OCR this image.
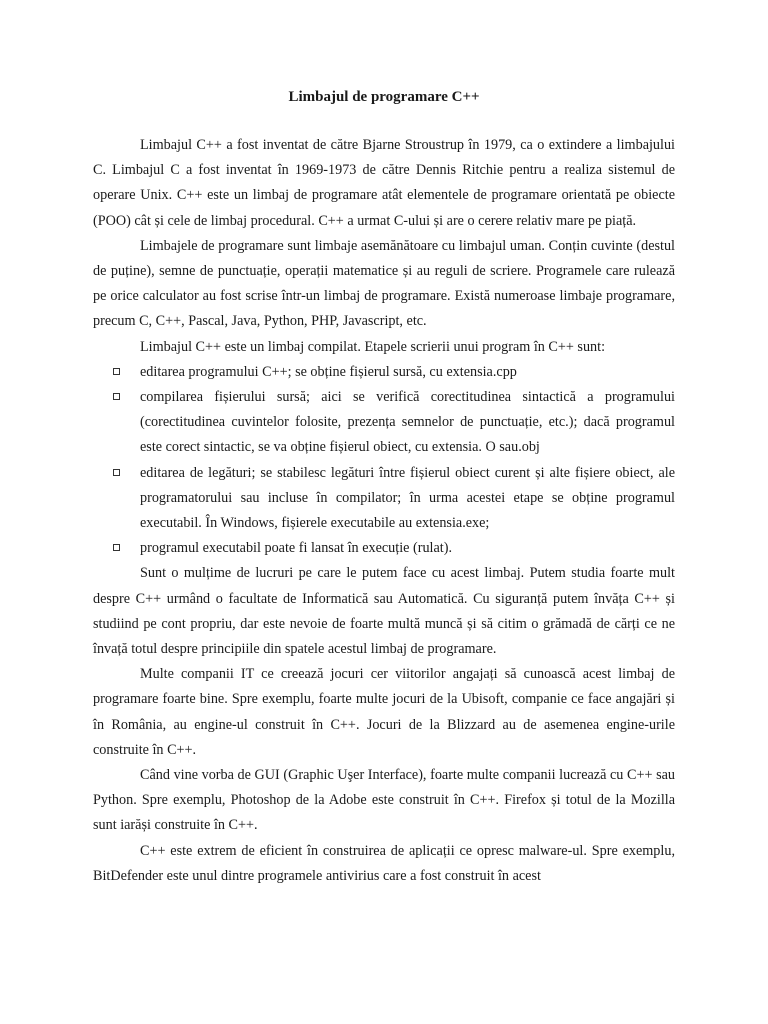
Limbajul de programare C++

Limbajul C++ a fost inventat de către Bjarne Stroustrup în 1979, ca o extindere a limbajului C. Limbajul C a fost inventat în 1969-1973 de către Dennis Ritchie pentru a realiza sistemul de operare Unix. C++ este un limbaj de programare atât elementele de programare orientată pe obiecte (POO) cât și cele de limbaj procedural. C++ a urmat C-ului și are o cerere relativ mare pe piață.

Limbajele de programare sunt limbaje asemănătoare cu limbajul uman. Conțin cuvinte (destul de puține), semne de punctuație, operații matematice și au reguli de scriere. Programele care rulează pe orice calculator au fost scrise într-un limbaj de programare. Există numeroase limbaje programare, precum C, C++, Pascal, Java, Python, PHP, Javascript, etc.

Limbajul C++ este un limbaj compilat. Etapele scrierii unui program în C++ sunt:

editarea programului C++; se obține fișierul sursă, cu extensia.cpp
compilarea fișierului sursă; aici se verifică corectitudinea sintactică a programului (corectitudinea cuvintelor folosite, prezența semnelor de punctuație, etc.); dacă programul este corect sintactic, se va obține fișierul obiect, cu extensia. O sau.obj
editarea de legături; se stabilesc legături între fișierul obiect curent și alte fișiere obiect, ale programatorului sau incluse în compilator; în urma acestei etape se obține programul executabil. În Windows, fișierele executabile au extensia.exe;
programul executabil poate fi lansat în execuție (rulat).

Sunt o mulțime de lucruri pe care le putem face cu acest limbaj. Putem studia foarte mult despre C++ urmând o facultate de Informatică sau Automatică. Cu siguranță putem învăța C++ și studiind pe cont propriu, dar este nevoie de foarte multă muncă și să citim o grămadă de cărți ce ne învață totul despre principiile din spatele acestul limbaj de programare.

Multe companii IT ce creează jocuri cer viitorilor angajați să cunoască acest limbaj de programare foarte bine. Spre exemplu, foarte multe jocuri de la Ubisoft, companie ce face angajări și în România, au engine-ul construit în C++. Jocuri de la Blizzard au de asemenea engine-urile construite în C++.

Când vine vorba de GUI (Graphic Uşer Interface), foarte multe companii lucrează cu C++ sau Python. Spre exemplu, Photoshop de la Adobe este construit în C++. Firefox și totul de la Mozilla sunt iarăși construite în C++.

C++ este extrem de eficient în construirea de aplicații ce opresc malware-ul. Spre exemplu, BitDefender este unul dintre programele antivirius care a fost construit în acest
